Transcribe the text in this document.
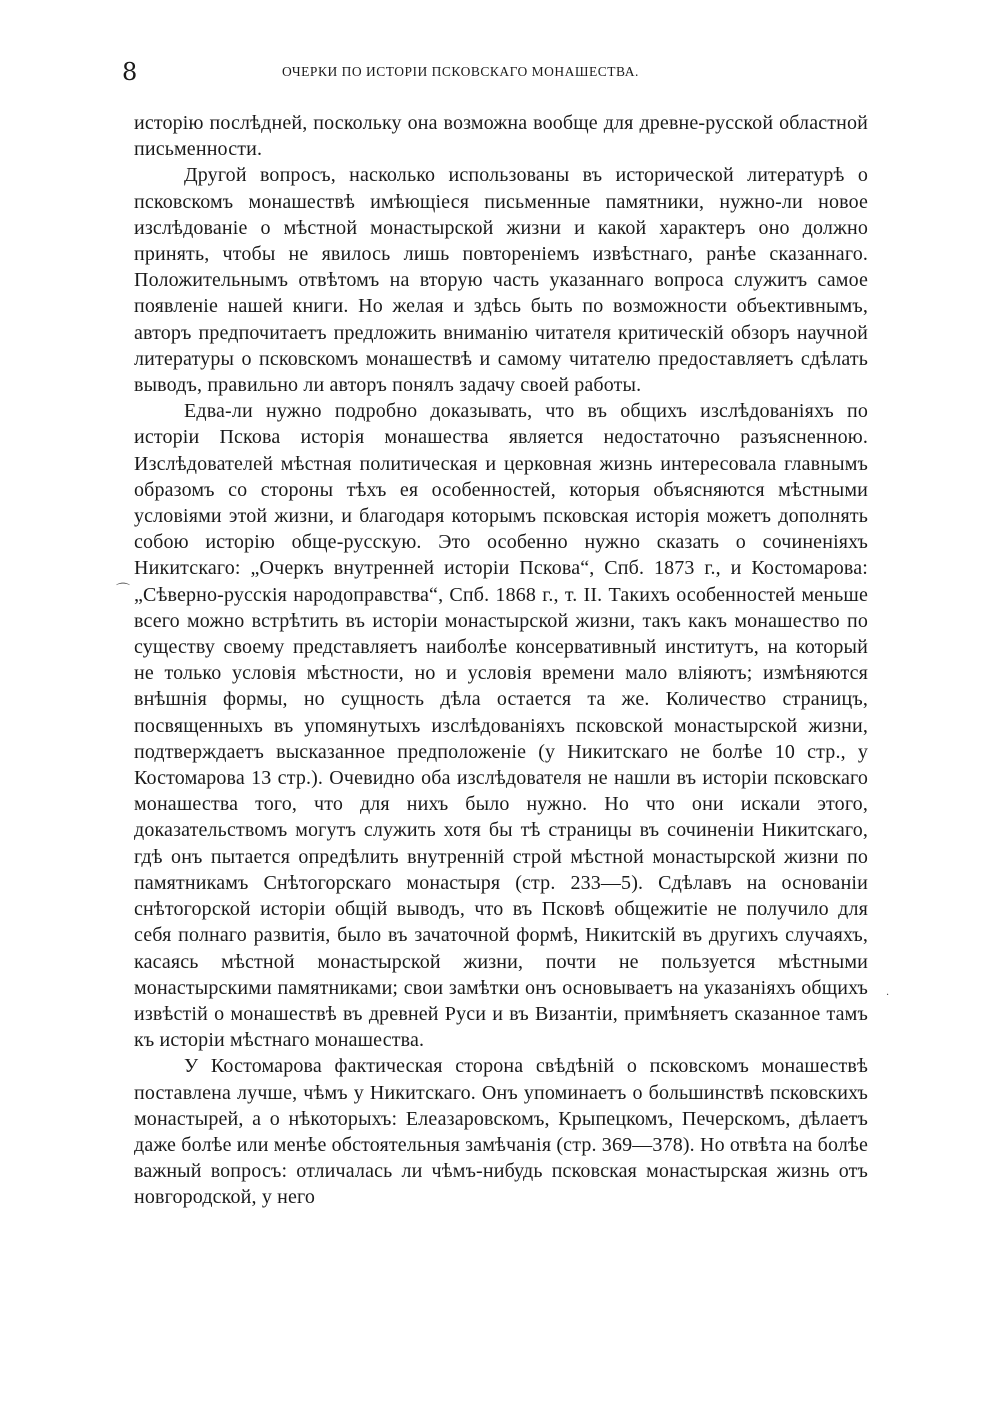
8	ОЧЕРКИ ПО ИСТОРІИ ПСКОВСКАГО МОНАШЕСТВА.

исторію послѣдней, поскольку она возможна вообще для древне-русской областной письменности.

Другой вопросъ, насколько использованы въ исторической литературѣ о псковскомъ монашествѣ имѣющіеся письменные памятники, нужно-ли новое изслѣдованіе о мѣстной монастырской жизни и какой характеръ оно должно принять, чтобы не явилось лишь повтореніемъ извѣстнаго, ранѣе сказаннаго. Положительнымъ отвѣтомъ на вторую часть указаннаго вопроса служитъ самое появленіе нашей книги. Но желая и здѣсь быть по возможности объективнымъ, авторъ предпочитаетъ предложить вниманію читателя критическій обзоръ научной литературы о псковскомъ монашествѣ и самому читателю предоставляетъ сдѣлать выводъ, правильно ли авторъ понялъ задачу своей работы.

Едва-ли нужно подробно доказывать, что въ общихъ изслѣдованіяхъ по исторіи Пскова исторія монашества является недостаточно разъясненною. Изслѣдователей мѣстная политическая и церковная жизнь интересовала главнымъ образомъ со стороны тѣхъ ея особенностей, которыя объясняются мѣстными условіями этой жизни, и благодаря которымъ псковская исторія можетъ дополнять собою исторію обще-русскую. Это особенно нужно сказать о сочиненіяхъ Никитскаго: „Очеркъ внутренней исторіи Пскова“, Спб. 1873 г., и Костомарова: „Сѣверно-русскія народоправства“, Спб. 1868 г., т. II. Такихъ особенностей меньше всего можно встрѣтить въ исторіи монастырской жизни, такъ какъ монашество по существу своему представляетъ наиболѣе консервативный институтъ, на который не только условія мѣстности, но и условія времени мало вліяютъ; измѣняются внѣшнія формы, но сущность дѣла остается та же. Количество страницъ, посвященныхъ въ упомянутыхъ изслѣдованіяхъ псковской монастырской жизни, подтверждаетъ высказанное предположеніе (у Никитскаго не болѣе 10 стр., у Костомарова 13 стр.). Очевидно оба изслѣдователя не нашли въ исторіи псковскаго монашества того, что для нихъ было нужно. Но что они искали этого, доказательствомъ могутъ служить хотя бы тѣ страницы въ сочиненіи Никитскаго, гдѣ онъ пытается опредѣлить внутренній строй мѣстной монастырской жизни по памятникамъ Снѣтогорскаго монастыря (стр. 233—5). Сдѣлавъ на основаніи снѣтогорской исторіи общій выводъ, что въ Псковѣ общежитіе не получило для себя полнаго развитія, было въ зачаточной формѣ, Никитскій въ другихъ случаяхъ, касаясь мѣстной монастырской жизни, почти не пользуется мѣстными монастырскими памятниками; свои замѣтки онъ основываетъ на указаніяхъ общихъ извѣстій о монашествѣ въ древней Руси и въ Византіи, примѣняетъ сказанное тамъ къ исторіи мѣстнаго монашества.

У Костомарова фактическая сторона свѣдѣній о псковскомъ монашествѣ поставлена лучше, чѣмъ у Никитскаго. Онъ упоминаетъ о большинствѣ псковскихъ монастырей, а о нѣкоторыхъ: Елеазаровскомъ, Крыпецкомъ, Печерскомъ, дѣлаетъ даже болѣе или менѣе обстоятельныя замѣчанія (стр. 369—378). Но отвѣта на болѣе важный вопросъ: отличалась ли чѣмъ-нибудь псковская монастырская жизнь отъ новгородской, у него

⌒
·
